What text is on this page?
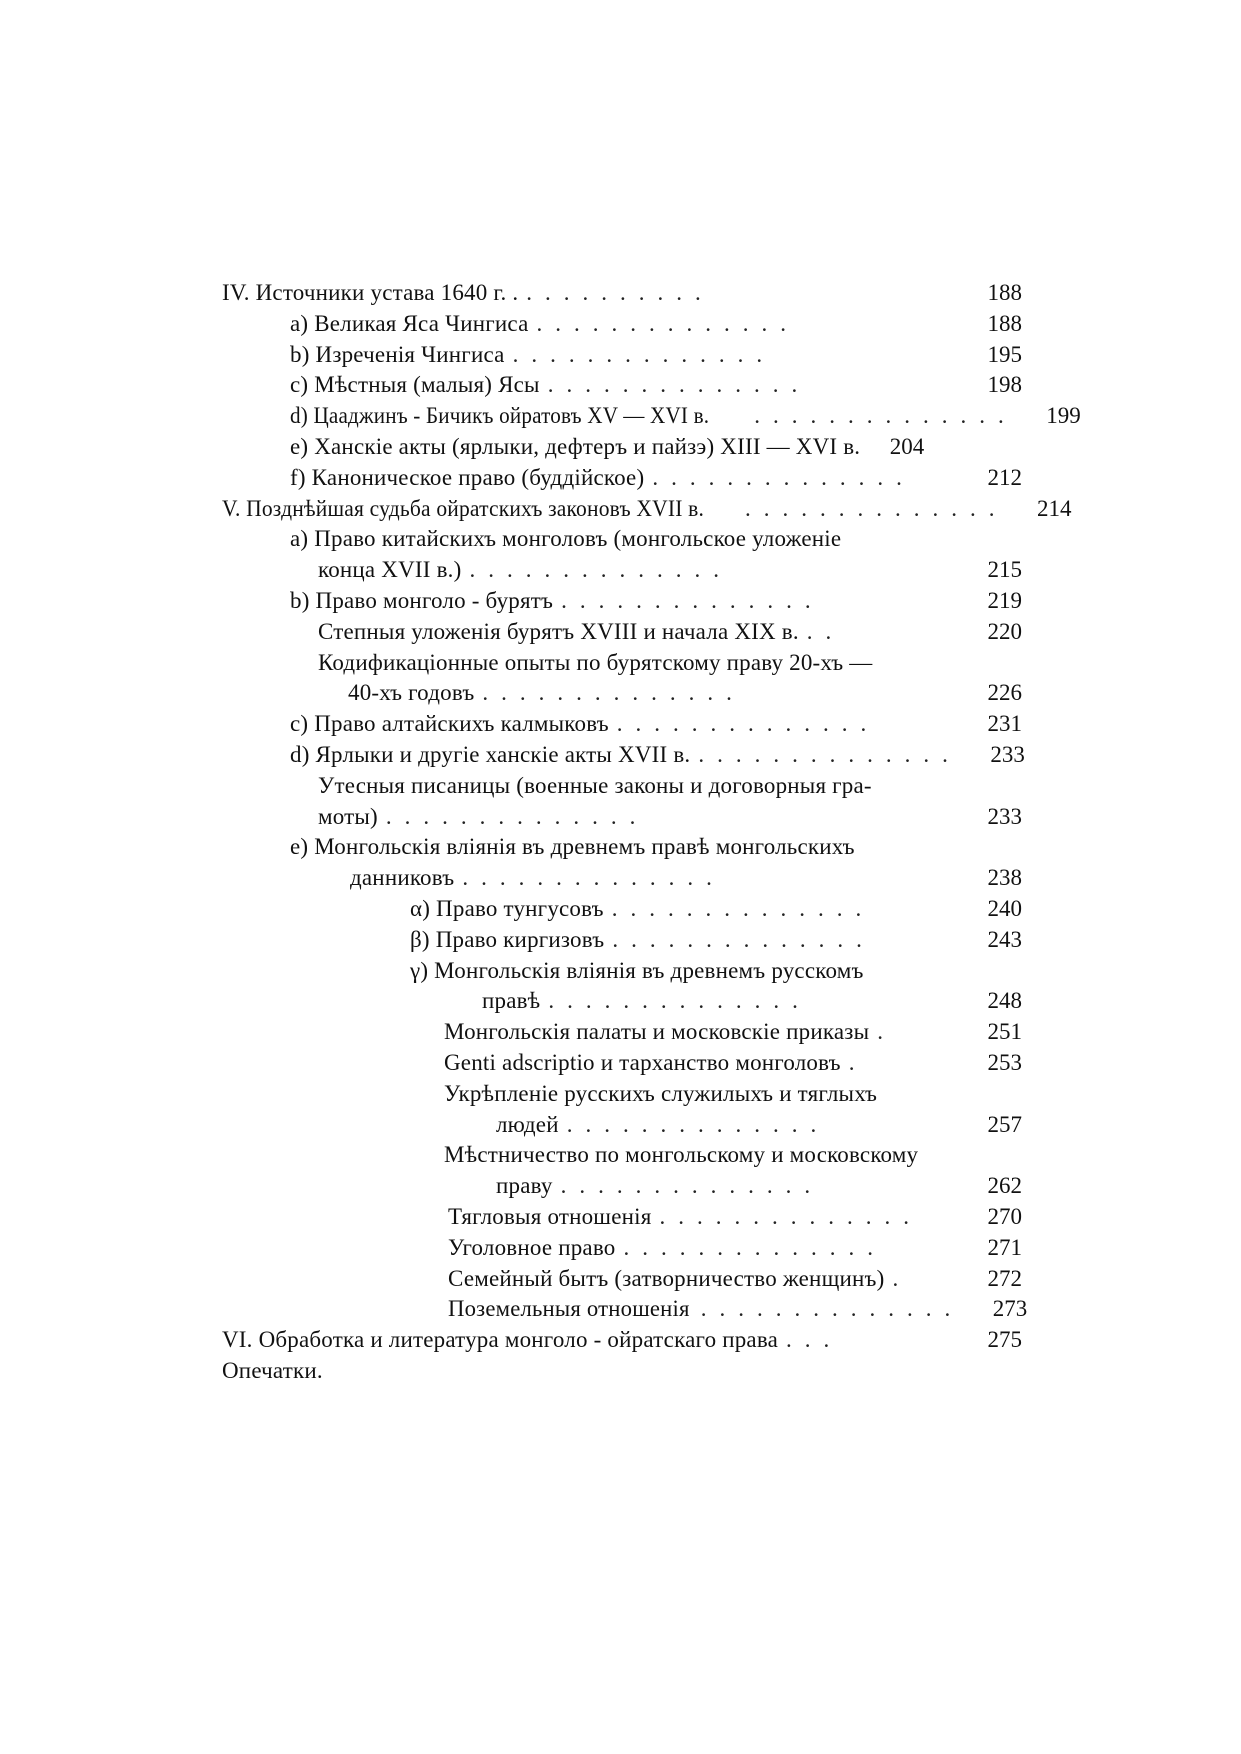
IV. Источники устава 1640 г. . ..........	188
a) Великая Яса Чингиса ..............	188
b) Изреченія Чингиса ..............	195
c) Мѣстныя (малыя) Ясы ..............	198
d) Цааджинъ - Бичикъ ойратовъ XV — XVI в.	..............	199
e) Ханскіе акты (ярлыки, дефтеръ и пайзэ) XIII — XVI в.	204
f) Каноническое право (буддійское) ..............	212
V. Позднѣйшая судьба ойратскихъ законовъ XVII в.	..............	214
a) Право китайскихъ монголовъ (монгольское уложеніе
конца XVII в.) ..............	215
b) Право монголо - бурятъ ..............	219
Степныя уложенія бурятъ XVIII и начала XIX в. ..	220
Кодификаціонные опыты по бурятскому праву 20-хъ —
40-хъ годовъ ..............	226
c) Право алтайскихъ калмыковъ ..............	231
d) Ярлыки и другіе ханскіе акты XVII в. ..............	233
Утесныя писаницы (военные законы и договорныя гра-
моты) ..............	233
e) Монгольскія вліянія въ древнемъ правѣ монгольскихъ
данниковъ ..............	238
α) Право тунгусовъ ..............	240
β) Право киргизовъ ..............	243
γ) Монгольскія вліянія въ древнемъ русскомъ
правѣ ..............	248
Монгольскія палаты и московскіе приказы .	251
Genti adscriptio и тарханство монголовъ .	253
Укрѣпленіе русскихъ служилыхъ и тяглыхъ
людей ..............	257
Мѣстничество по монгольскому и московскому
праву ..............	262
Тягловыя отношенія ..............	270
Уголовное право ..............	271
Семейный бытъ (затворничество женщинъ) .	272
Поземельныя отношенія ..............	273
VI. Обработка и литература монголо - ойратскаго права ...	275
Опечатки.
